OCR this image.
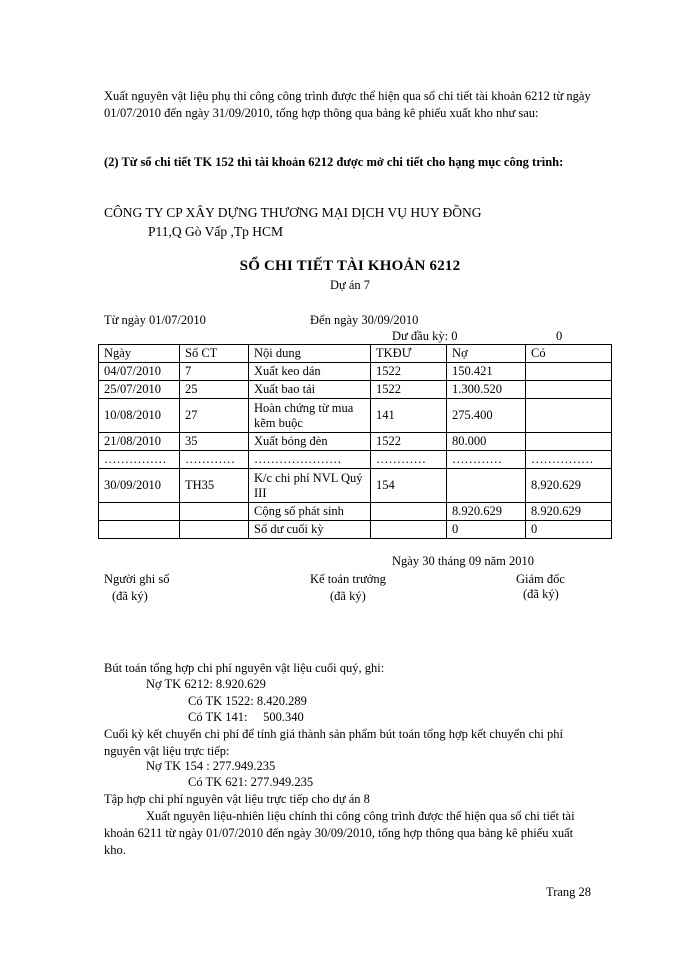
Xuất nguyên vật liệu phụ thi công công trình được thể hiện qua sổ chi tiết tài khoản 6212 từ ngày 01/07/2010 đến ngày 31/09/2010, tổng hợp thông qua bảng kê phiếu xuất kho như sau:
(2) Từ sổ chi tiết TK 152 thì tài khoản 6212 được mở chi tiết cho hạng mục công trình:
CÔNG TY CP XÂY DỰNG THƯƠNG MẠI DỊCH VỤ HUY ĐỒNG
P11,Q Gò Vấp ,Tp HCM
SỔ CHI TIẾT TÀI KHOẢN 6212
Dự án 7
Từ ngày 01/07/2010	Đến ngày 30/09/2010
Dư đầu kỳ: 0	0
Ngày	Số CT	Nội dung	TKĐƯ	Nợ	Có
04/07/2010	7	Xuất keo dán	1522	150.421	
25/07/2010	25	Xuất bao tải	1522	1.300.520	
10/08/2010	27	Hoàn chứng từ mua kẽm buộc	141	275.400	
21/08/2010	35	Xuất bóng đèn	1522	80.000	
……………	…………	…………………	…………	…………	……………
30/09/2010	TH35	K/c chi phí NVL Quý III	154		8.920.629
		Cộng số phát sinh		8.920.629	8.920.629
		Số dư cuối kỳ		0	0
Ngày 30 tháng 09 năm 2010
Người ghi sổ
(đã ký)
Kế toán trưởng
(đã ký)
Giám đốc
(đã ký)
Bút toán tổng hợp chi phí nguyên vật liệu cuối quý, ghi:
Nợ TK 6212: 8.920.629
Có TK 1522: 8.420.289
Có TK 141:     500.340
Cuối kỳ kết chuyển chi phí để tính giá thành sản phẩm bút toán tổng hợp kết chuyển chi phí nguyên vật liệu trực tiếp:
Nợ TK 154 : 277.949.235
Có TK 621: 277.949.235
Tập hợp chi phí nguyên vật liệu trực tiếp cho dự án 8
Xuất nguyên liệu-nhiên liệu chính thi công công trình được thể hiện qua sổ chi tiết tài khoản 6211 từ ngày 01/07/2010 đến ngày 30/09/2010, tổng hợp thông qua bảng kê phiếu xuất kho.
Trang 28
